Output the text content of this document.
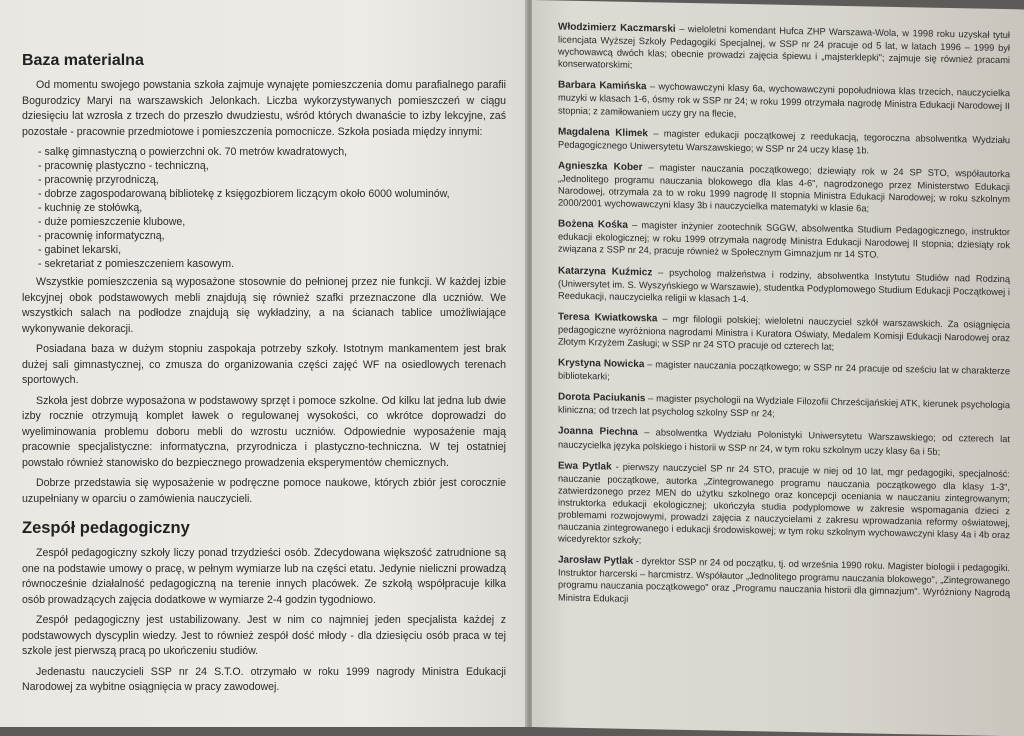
Baza materialna

Od momentu swojego powstania szkoła zajmuje wynajęte pomieszczenia domu parafialnego parafii Bogurodzicy Maryi na warszawskich Jelonkach. Liczba wykorzystywanych pomieszczeń w ciągu dziesięciu lat wzrosła z trzech do przeszło dwudziestu, wśród których dwanaście to izby lekcyjne, zaś pozostałe - pracownie przedmiotowe i pomieszczenia pomocnicze. Szkoła posiada między innymi:

- salkę gimnastyczną o powierzchni ok. 70 metrów kwadratowych,
- pracownię plastyczno - techniczną,
- pracownię przyrodniczą,
- dobrze zagospodarowaną bibliotekę z księgozbiorem liczącym około 6000 woluminów,
- kuchnię ze stołówką,
- duże pomieszczenie klubowe,
- pracownię informatyczną,
- gabinet lekarski,
- sekretariat z pomieszczeniem kasowym.

Wszystkie pomieszczenia są wyposażone stosownie do pełnionej przez nie funkcji. W każdej izbie lekcyjnej obok podstawowych mebli znajdują się również szafki przeznaczone dla uczniów. We wszystkich salach na podłodze znajdują się wykładziny, a na ścianach tablice umożliwiające wykonywanie dekoracji.

Posiadana baza w dużym stopniu zaspokaja potrzeby szkoły. Istotnym mankamentem jest brak dużej sali gimnastycznej, co zmusza do organizowania części zajęć WF na osiedlowych terenach sportowych.

Szkoła jest dobrze wyposażona w podstawowy sprzęt i pomoce szkolne. Od kilku lat jedna lub dwie izby rocznie otrzymują komplet ławek o regulowanej wysokości, co wkrótce doprowadzi do wyeliminowania problemu doboru mebli do wzrostu uczniów. Odpowiednie wyposażenie mają pracownie specjalistyczne: informatyczna, przyrodnicza i plastyczno-techniczna. W tej ostatniej powstało również stanowisko do bezpiecznego prowadzenia eksperymentów chemicznych.

Dobrze przedstawia się wyposażenie w podręczne pomoce naukowe, których zbiór jest corocznie uzupełniany w oparciu o zamówienia nauczycieli.

Zespół pedagogiczny

Zespół pedagogiczny szkoły liczy ponad trzydzieści osób. Zdecydowana większość zatrudnione są one na podstawie umowy o pracę, w pełnym wymiarze lub na części etatu. Jedynie nieliczni prowadzą równocześnie działalność pedagogiczną na terenie innych placówek. Ze szkołą współpracuje kilka osób prowadzących zajęcia dodatkowe w wymiarze 2-4 godzin tygodniowo.

Zespół pedagogiczny jest ustabilizowany. Jest w nim co najmniej jeden specjalista każdej z podstawowych dyscyplin wiedzy. Jest to również zespół dość młody - dla dziesięciu osób praca w tej szkole jest pierwszą pracą po ukończeniu studiów.

Jedenastu nauczycieli SSP nr 24 S.T.O. otrzymało w roku 1999 nagrody Ministra Edukacji Narodowej za wybitne osiągnięcia w pracy zawodowej.

Włodzimierz Kaczmarski – wieloletni komendant Hufca ZHP Warszawa-Wola, w 1998 roku uzyskał tytuł licencjata Wyższej Szkoły Pedagogiki Specjalnej, w SSP nr 24 pracuje od 5 lat, w latach 1996 – 1999 był wychowawcą dwóch klas; obecnie prowadzi zajęcia śpiewu i „majsterklepki"; zajmuje się również pracami konserwatorskimi;

Barbara Kamińska – wychowawczyni klasy 6a, wychowawczyni popołudniowa klas trzecich, nauczycielka muzyki w klasach 1-6, ósmy rok w SSP nr 24; w roku 1999 otrzymała nagrodę Ministra Edukacji Narodowej II stopnia; z zamiłowaniem uczy gry na flecie,

Magdalena Klimek – magister edukacji początkowej z reedukacją, tegoroczna absolwentka Wydziału Pedagogicznego Uniwersytetu Warszawskiego; w SSP nr 24 uczy klasę 1b.

Agnieszka Kober – magister nauczania początkowego; dziewiąty rok w 24 SP STO, współautorka „Jednolitego programu nauczania blokowego dla klas 4-6", nagrodzonego przez Ministerstwo Edukacji Narodowej, otrzymała za to w roku 1999 nagrodę II stopnia Ministra Edukacji Narodowej; w roku szkolnym 2000/2001 wychowawczyni klasy 3b i nauczycielka matematyki w klasie 6a;

Bożena Kośka – magister inżynier zootechnik SGGW, absolwentka Studium Pedagogicznego, instruktor edukacji ekologicznej; w roku 1999 otrzymała nagrodę Ministra Edukacji Narodowej II stopnia; dziesiąty rok związana z SSP nr 24, pracuje również w Społecznym Gimnazjum nr 14 STO.

Katarzyna Kuźmicz – psycholog małżeństwa i rodziny, absolwentka Instytutu Studiów nad Rodziną (Uniwersytet im. S. Wyszyńskiego w Warszawie), studentka Podyplomowego Studium Edukacji Początkowej i Reedukacji, nauczycielka religii w klasach 1-4.

Teresa Kwiatkowska – mgr filologii polskiej; wieloletni nauczyciel szkół warszawskich. Za osiągnięcia pedagogiczne wyróżniona nagrodami Ministra i Kuratora Oświaty, Medalem Komisji Edukacji Narodowej oraz Złotym Krzyżem Zasługi; w SSP nr 24 STO pracuje od czterech lat;

Krystyna Nowicka – magister nauczania początkowego; w SSP nr 24 pracuje od sześciu lat w charakterze bibliotekarki;

Dorota Paciukanis – magister psychologii na Wydziale Filozofii Chrześcijańskiej ATK, kierunek psychologia kliniczna; od trzech lat psycholog szkolny SSP nr 24;

Joanna Piechna – absolwentka Wydziału Polonistyki Uniwersytetu Warszawskiego; od czterech lat nauczycielka języka polskiego i historii w SSP nr 24, w tym roku szkolnym uczy klasy 6a i 5b;

Ewa Pytlak - pierwszy nauczyciel SP nr 24 STO, pracuje w niej od 10 lat, mgr pedagogiki, specjalność: nauczanie początkowe, autorka „Zintegrowanego programu nauczania początkowego dla klasy 1-3", zatwierdzonego przez MEN do użytku szkolnego oraz koncepcji oceniania w nauczaniu zintegrowanym; instruktorka edukacji ekologicznej; ukończyła studia podyplomowe w zakresie wspomagania dzieci z problemami rozwojowymi, prowadzi zajęcia z nauczycielami z zakresu wprowadzania reformy oświatowej, nauczania zintegrowanego i edukacji środowiskowej; w tym roku szkolnym wychowawczyni klasy 4a i 4b oraz wicedyrektor szkoły;

Jarosław Pytlak - dyrektor SSP nr 24 od początku, tj. od września 1990 roku. Magister biologii i pedagogiki. Instruktor harcerski – harcmistrz. Współautor „Jednolitego programu nauczania blokowego", „Zintegrowanego programu nauczania początkowego" oraz „Programu nauczania historii dla gimnazjum". Wyróżniony Nagrodą Ministra Edukacji
